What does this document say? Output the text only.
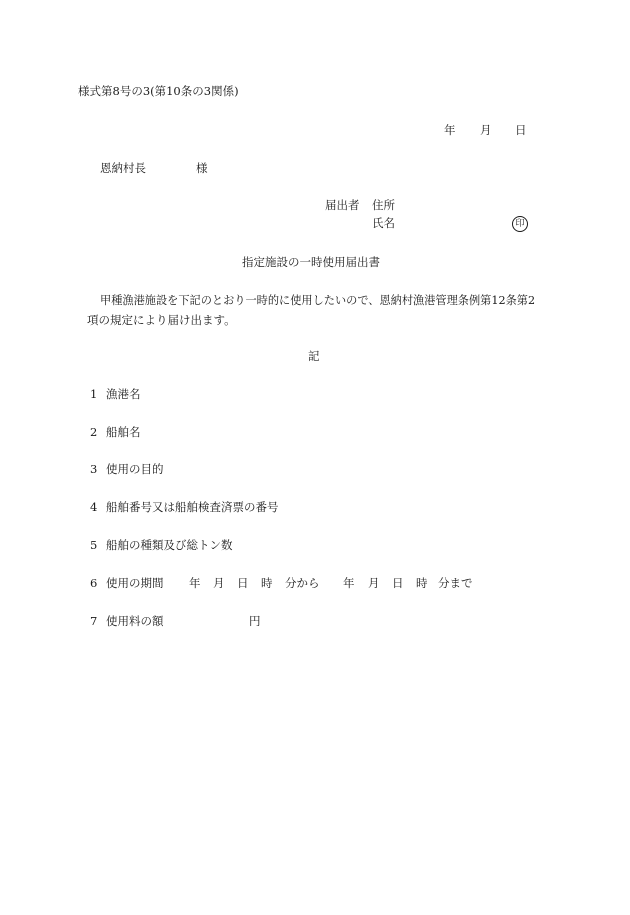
様式第8号の3(第10条の3関係)
年 月 日
恩納村長	様
届出者 住所
氏名	印
指定施設の一時使用届出書
甲種漁港施設を下記のとおり一時的に使用したいので、恩納村漁港管理条例第12条第2
項の規定により届け出ます。
記
1 漁港名
2 船舶名
3 使用の目的
4 船舶番号又は船舶検査済票の番号
5 船舶の種類及び総トン数
6 使用の期間 年 月 日 時 分から 年 月 日 時 分まで
7 使用料の額	円
